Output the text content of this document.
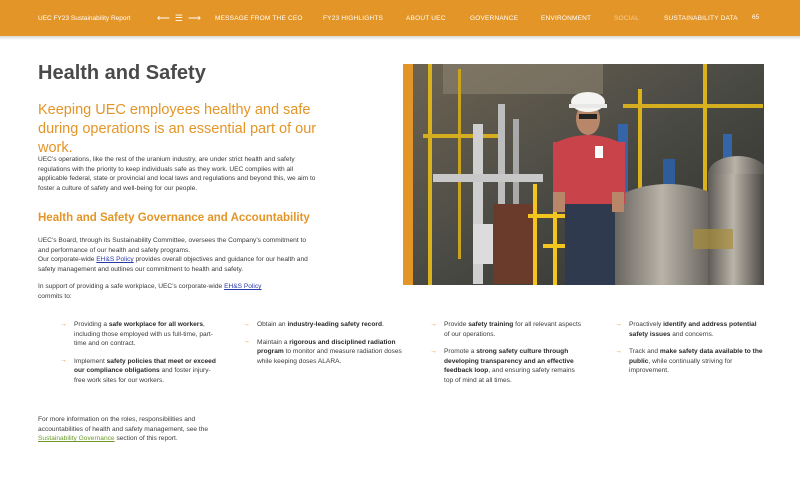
UEC FY23 Sustainability Report	⟵ ☰ ⟶ MESSAGE FROM THE CEO	FY23 HIGHLIGHTS	ABOUT UEC	GOVERNANCE	ENVIRONMENT	SOCIAL	SUSTAINABILITY DATA 65
Health and Safety
Keeping UEC employees healthy and safe during operations is an essential part of our work.

UEC’s operations, like the rest of the uranium industry, are under strict health and safety regulations with the priority to keep individuals safe as they work. UEC complies with all applicable federal, state or provincial and local laws and regulations and beyond this, we aim to foster a culture of safety and well-being for our people.

Health and Safety Governance and Accountability
UEC’s Board, through its Sustainability Committee, oversees the Company’s commitment to and performance of our health and safety programs.
Our corporate-wide EH&S Policy provides overall objectives and guidance for our health and safety management and outlines our commitment to health and safety.
In support of providing a safe workplace, UEC’s corporate-wide EH&S Policy
commits to:
→ Providing a safe workplace for all workers, including those employed with us full-time, part-time and on contract.
→ Implement safety policies that meet or exceed our compliance obligations and foster injury-free work sites for our workers.
→ Obtain an industry-leading safety record.
→ Maintain a rigorous and disciplined radiation program to monitor and measure radiation doses while keeping doses ALARA.
→ Provide safety training for all relevant aspects of our operations.
→ Promote a strong safety culture through developing transparency and an effective feedback loop, and ensuring safety remains top of mind at all times.
→ Proactively identify and address potential safety issues and concerns.
→ Track and make safety data available to the public, while continually striving for improvement.
For more information on the roles, responsibilities and accountabilities of health and safety management, see the Sustainability Governance section of this report.
